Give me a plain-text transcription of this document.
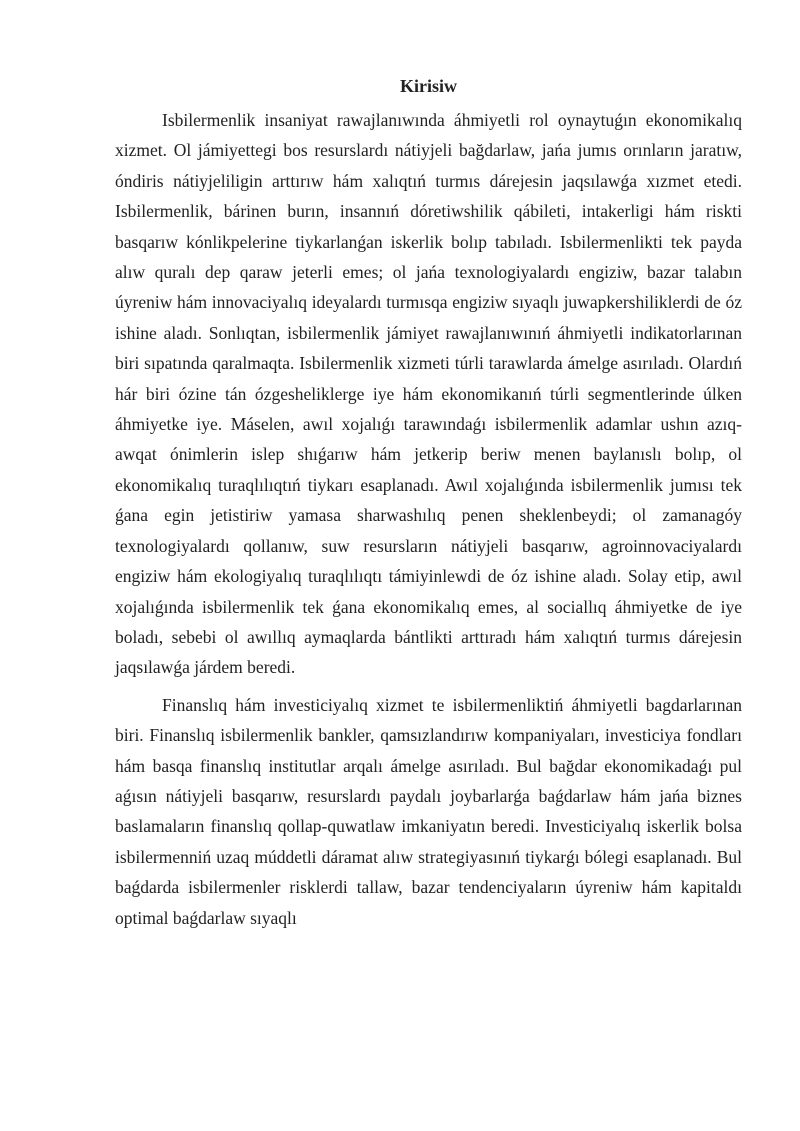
Kirisiw

Isbilermenlik insaniyat rawajlanıwında áhmiyetli rol oynaytuǵın ekonomikalıq xizmet. Ol jámiyettegi bos resurslardı nátiyjeli bağdarlaw, jańa jumıs orınların jaratıw, óndiris nátiyjeliligin arttırıw hám xalıqtıń turmıs dárejesin jaqsılawǵa xızmet etedi. Isbilermenlik, bárinen burın, insannıń dóretiwshilik qábileti, intakerligi hám riskti basqarıw kónlikpelerine tiykarlanǵan iskerlik bolıp tabıladı. Isbilermenlikti tek payda alıw quralı dep qaraw jeterli emes; ol jańa texnologiyalardı engiziw, bazar talabın úyreniw hám innovaciyalıq ideyalardı turmısqa engiziw sıyaqlı juwapkershiliklerdi de óz ishine aladı. Sonlıqtan, isbilermenlik jámiyet rawajlanıwınıń áhmiyetli indikatorlarınan biri sıpatında qaralmaqta. Isbilermenlik xizmeti túrli tarawlarda ámelge asırıladı. Olardıń hár biri ózine tán ózgesheliklerge iye hám ekonomikanıń túrli segmentlerinde úlken áhmiyetke iye. Máselen, awıl xojalıǵı tarawındaǵı isbilermenlik adamlar ushın azıq-awqat ónimlerin islep shıǵarıw hám jetkerip beriw menen baylanıslı bolıp, ol ekonomikalıq turaqlılıqtıń tiykarı esaplanadı. Awıl xojalıǵında isbilermenlik jumısı tek ǵana egin jetistiriw yamasa sharwashılıq penen sheklenbeydi; ol zamanagóy texnologiyalardı qollanıw, suw resursların nátiyjeli basqarıw, agroinnovaciyalardı engiziw hám ekologiyalıq turaqlılıqtı támiyinlewdi de óz ishine aladı. Solay etip, awıl xojalıǵında isbilermenlik tek ǵana ekonomikalıq emes, al sociallıq áhmiyetke de iye boladı, sebebi ol awıllıq aymaqlarda bántlikti arttıradı hám xalıqtıń turmıs dárejesin jaqsılawǵa járdem beredi.

Finanslıq hám investiciyalıq xizmet te isbilermenliktiń áhmiyetli bagdarlarınan biri. Finanslıq isbilermenlik bankler, qamsızlandırıw kompaniyaları, investiciya fondları hám basqa finanslıq institutlar arqalı ámelge asırıladı. Bul bağdar ekonomikadaǵı pul aǵısın nátiyjeli basqarıw, resurslardı paydalı joybarlarǵa baǵdarlaw hám jańa biznes baslamaların finanslıq qollap-quwatlaw imkaniyatın beredi. Investiciyalıq iskerlik bolsa isbilermenniń uzaq múddetli dáramat alıw strategiyasınıń tiykarǵı bólegi esaplanadı. Bul baǵdarda isbilermenler risklerdi tallaw, bazar tendenciyaların úyreniw hám kapitaldı optimal baǵdarlaw sıyaqlı
